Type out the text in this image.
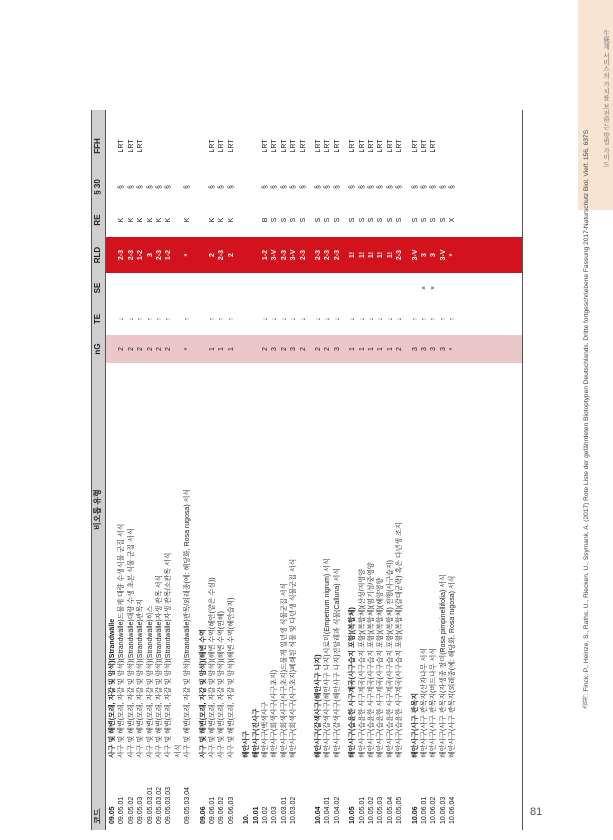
生態계 서비스의 가치를 보전하는 방법 가이드
출처: Finck, P., Heinze, S., Raths, U., Riecken, U., Ssymank, A. (2017) Rote Liste der gefährdeten Biotoptypen Deutschlands. Dritte fortgeschriebene Fassung 2017-Naturschutz Biol. Vielf. 156, 637S
81
코드
비오톱 유형
nG
TE
SE
RLD
RE
§ 30
FFH
09.05
사구 및 해변(모래, 자갈 및 암석)(Strandwälle
09.05.01
사구 및 해변(모래, 자갈 및 암석)(Strandwälle)드물게 대량 수생식물 군집 서식
2
↓
2-3
K
§
LRT
09.05.02
사구 및 해변(모래, 자갈 및 암석)(Strandwälle)대량 수생 초본 식물 군집 서식
2
↓
2-3
K
§
LRT
09.05.03
사구 및 해변(모래, 자갈 및 암석)(Strandwälle)관목지
2
↑
1-2
K
§
LRT
09.05.03.01
사구 및 해변(모래, 자갈 및 암석)(Strandwälle)히스
2
↑
3
K
§
09.05.03.02
사구 및 해변(모래, 자갈 및 암석)(Strandwälle)자생 관목 서식
2
↑
2-3
K
§
09.05.03.03
사구 및 해변(모래, 자갈 및 암석)(Strandwälle)자생 관목/소관목 서식
2
↑
1-2
K
§
서식
09.05.03.04
사구 및 해변(모래, 자갈 및 암석)(Strandwälle)관목/외래종(예: 해당화, Rosa rugosa) 서식
*
↑
*
K
§
09.06
사구 및 해변(모래, 자갈 및 암석)(해변 수역
09.06.01
사구 및 해변(모래, 자갈 및 암석)(해변 수역(해안(얕은 수심))
1
↑
2
K
§
LRT
09.06.02
사구 및 해변(모래, 자갈 및 암석)(해변 수역(연해)
1
↑
2-3
K
§
LRT
09.06.03
사구 및 해변(모래, 자갈 및 암석)(해변 수역(해안습지)
1
↑
2
K
§
LRT
10.
해안사구
10.01
해안사구(진사구
10.02
해안사구(백색사구
2
↓
1-2
B
§
LRT
10.03
해안사구(회색사구(사구초지)
3
↓
3-V
S
§
LRT
10.03.01
해안사구(회색사구(사구초지)드물게 일년생 식물군집 서식
2
↓
2-3
S
§
LRT
10.03.02
해안사구(회색사구(사구초지)폐쇄된 식물 및 다년생 식물군집 서식
3
↓
3-V
S
§
LRT
2
↓
2-3
S
§
LRT
10.04
해안사구(갈색사구(해안사구 나지)
2
↓
2-3
S
§
LRT
10.04.01
해안사구(갈색사구(해안사구 나지)시로미(Empetrum nigrum) 서식
2
↓
2-3
S
§
LRT
10.04.02
해안사구(갈색사구(해안사구 나지)진달래과 식물(Calluna) 서식
3
↓
2-3
S
§
LRT
10.05
해안사구(습윤한 사구계곡(사구습지 포함)(복합체)
1
↓
1!
S
§
LRT
10.05.01
해안사구(습윤한 사구계곡(사구습지 포함)(복합체)(산성/저영양
1
↓
1!
S
§
LRT
10.05.02
해안사구(습윤한 사구계곡(사구습지 포함)(복합체)(염기성/중영양
1
↓
1!
S
§
LRT
10.05.03
해안사구(습윤한 사구계곡(사구습지 포함)(복합체)(해양영향
1
↓
1!
S
§
LRT
10.05.04
해안사구(습윤한 사구계곡(사구습지 포함)(복합체) 진행(사구습지)
1
↓
1!
S
§
LRT
10.05.05
해안사구(습윤한 사구계곡(사구습지 포함)(복합체)(갈대군락) 혹은 다년생 조지
2
↓
2-3
S
§
LRT
10.06
해안사구(사구 관목지
3
↑
3-V
S
§
LRT
10.06.01
해안사구(사구 관목지(산자나무 서식
3
↑
×
3
S
§
LRT
10.06.02
해안사구(사구 관목지(버드나무 서식
3
↑
×
3
S
§
LRT
10.06.03
해안사구(사구 관목지(자생종 장미(Rosa pimpinellifolia) 서식
3
↑
3-V
S
§
10.06.04
해안사구(사구 관목지(외래종(예: 해당화, Rosa rugosa) 서식
*
↑
*
X
§
